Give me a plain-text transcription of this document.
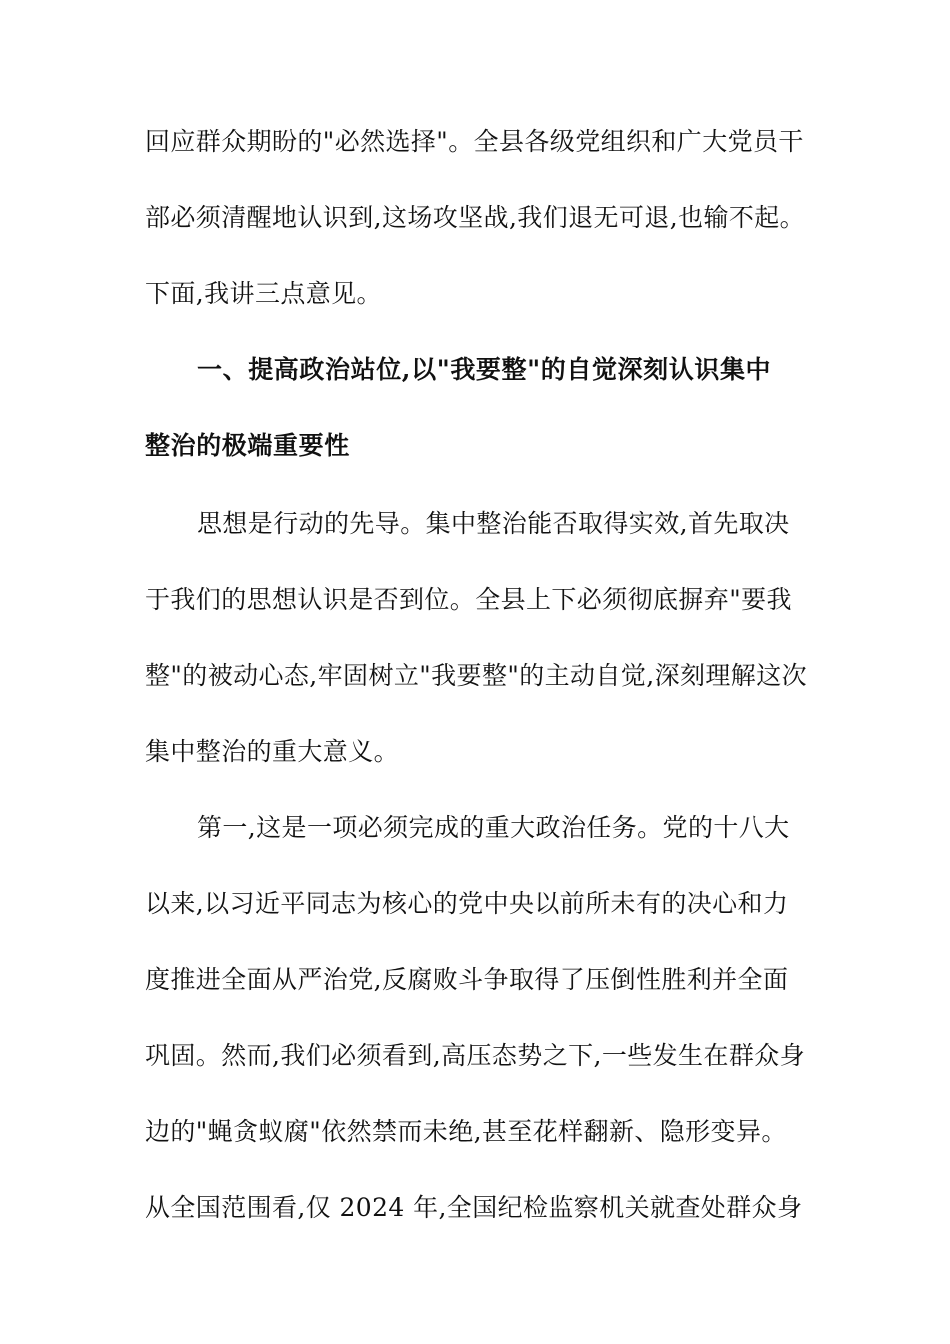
回应群众期盼的"必然选择"。全县各级党组织和广大党员干
部必须清醒地认识到,这场攻坚战,我们退无可退,也输不起。
下面,我讲三点意见。
一、提高政治站位,以"我要整"的自觉深刻认识集中
整治的极端重要性
思想是行动的先导。集中整治能否取得实效,首先取决
于我们的思想认识是否到位。全县上下必须彻底摒弃"要我
整"的被动心态,牢固树立"我要整"的主动自觉,深刻理解这次
集中整治的重大意义。
第一,这是一项必须完成的重大政治任务。党的十八大
以来,以习近平同志为核心的党中央以前所未有的决心和力
度推进全面从严治党,反腐败斗争取得了压倒性胜利并全面
巩固。然而,我们必须看到,高压态势之下,一些发生在群众身
边的"蝇贪蚁腐"依然禁而未绝,甚至花样翻新、隐形变异。
从全国范围看,仅 2024 年,全国纪检监察机关就查处群众身
